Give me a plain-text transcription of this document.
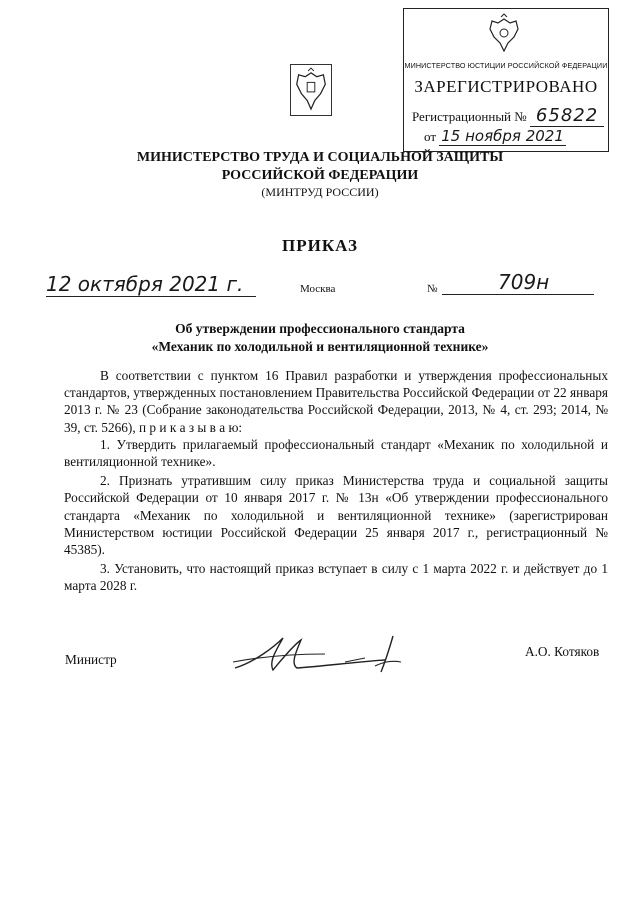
МИНИСТЕРСТВО ЮСТИЦИИ РОССИЙСКОЙ ФЕДЕРАЦИИ
ЗАРЕГИСТРИРОВАНО
Регистрационный № 65822
от 15 ноября 2021
МИНИСТЕРСТВО ТРУДА И СОЦИАЛЬНОЙ ЗАЩИТЫ
РОССИЙСКОЙ ФЕДЕРАЦИИ
(МИНТРУД РОССИИ)
ПРИКАЗ
12 октября 2021 г.	Москва	№	709н
Об утверждении профессионального стандарта
«Механик по холодильной и вентиляционной технике»

В соответствии с пунктом 16 Правил разработки и утверждения профессиональных стандартов, утвержденных постановлением Правительства Российской Федерации от 22 января 2013 г. № 23 (Собрание законодательства Российской Федерации, 2013, № 4, ст. 293; 2014, № 39, ст. 5266), п р и к а з ы в а ю:

1. Утвердить прилагаемый профессиональный стандарт «Механик по холодильной и вентиляционной технике».

2. Признать утратившим силу приказ Министерства труда и социальной защиты Российской Федерации от 10 января 2017 г. № 13н «Об утверждении профессионального стандарта «Механик по холодильной и вентиляционной технике» (зарегистрирован Министерством юстиции Российской Федерации 25 января 2017 г., регистрационный № 45385).

3. Установить, что настоящий приказ вступает в силу с 1 марта 2022 г. и действует до 1 марта 2028 г.

Министр
А.О. Котяков
